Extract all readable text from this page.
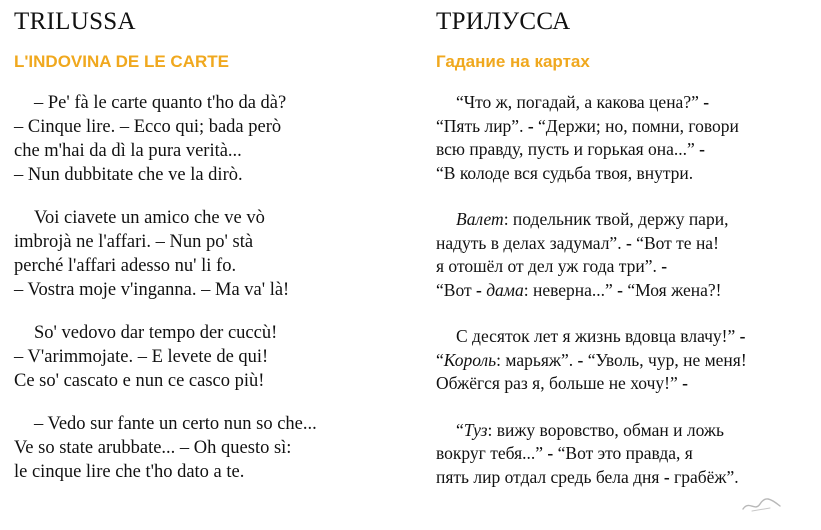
TRILUSSA
L'INDOVINA DE LE CARTE
– Pe' fà le carte quanto t'ho da dà?
– Cinque lire. – Ecco qui; bada però
che m'hai da dì la pura verità...
– Nun dubbitate che ve la dirò.
Voi ciavete un amico che ve vò
imbrojà ne l'affari. – Nun po' stà
perché l'affari adesso nu' li fo.
– Vostra moje v'inganna. – Ma va' là!
So' vedovo dar tempo der cuccù!
– V'arimmojate. – E levete de qui!
Ce so' cascato e nun ce casco più!
– Vedo sur fante un certo nun so che...
Ve so state arubbate... – Oh questo sì:
le cinque lire che t'ho dato a te.
ТРИЛУССА
Гадание на картах
“Что ж, погадай, а какова цена?” -
“Пять лир”. - “Держи; но, помни, говори
всю правду, пусть и горькая она...” -
“В колоде вся судьба твоя, внутри.
Валет: подельник твой, держу пари,
надуть в делах задумал”. - “Вот те на!
я отошёл от дел уж года три”. -
“Вот - дама: неверна...” - “Моя жена?!
С десяток лет я жизнь вдовца влачу!” -
“Король: марьяж”. - “Уволь, чур, не меня!
Обжёгся раз я, больше не хочу!” -
“Туз: вижу воровство, обман и ложь
вокруг тебя...” - “Вот это правда, я
пять лир отдал средь бела дня - грабёж”.
